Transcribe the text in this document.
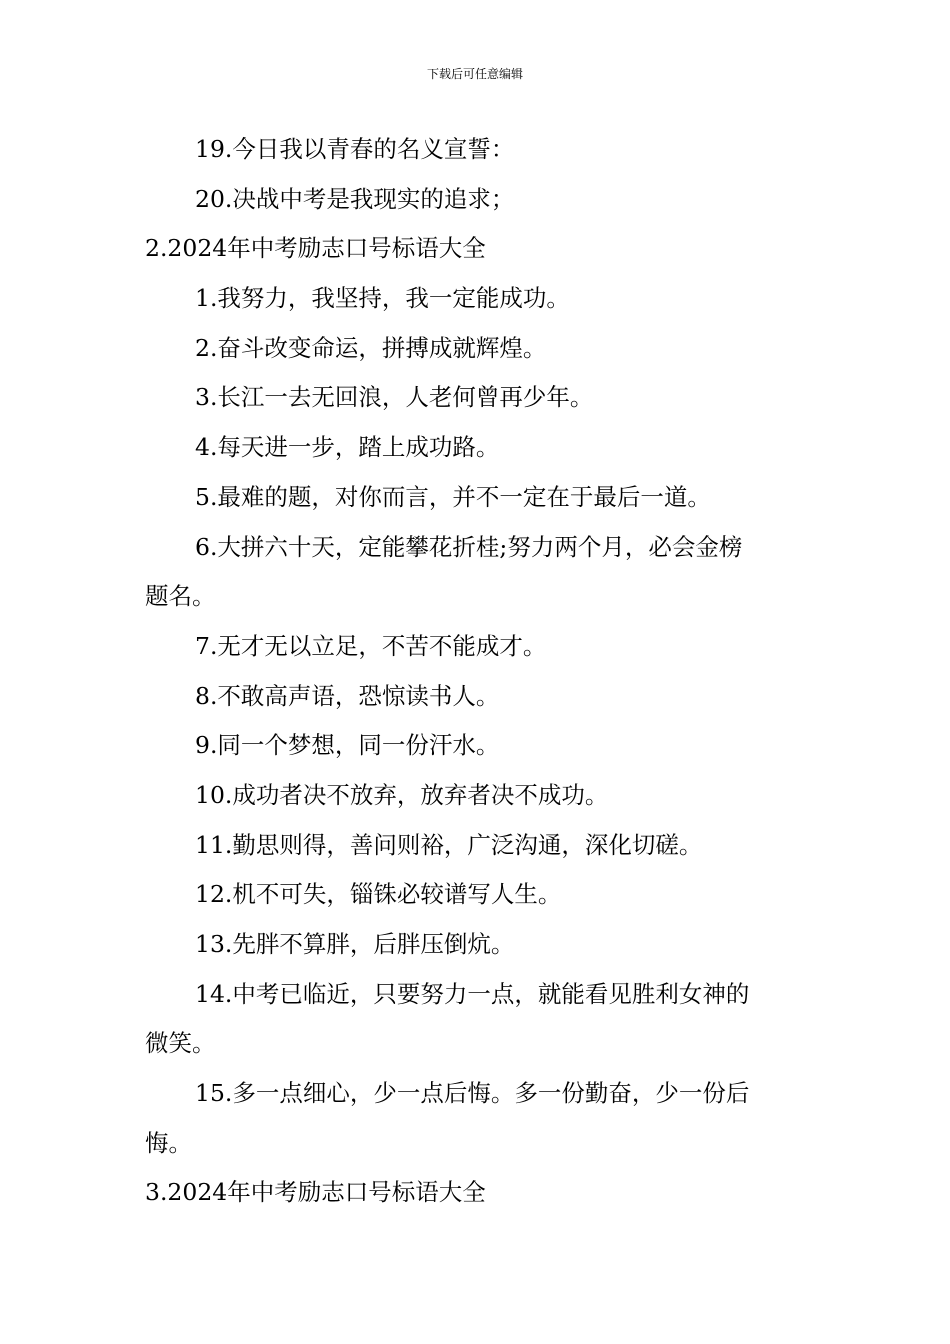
下载后可任意编辑
19.今日我以青春的名义宣誓：
20.决战中考是我现实的追求；
2.2024年中考励志口号标语大全
1.我努力，我坚持，我一定能成功。
2.奋斗改变命运，拼搏成就辉煌。
3.长江一去无回浪，人老何曾再少年。
4.每天进一步，踏上成功路。
5.最难的题，对你而言，并不一定在于最后一道。
6.大拼六十天，定能攀花折桂;努力两个月，必会金榜
题名。
7.无才无以立足，不苦不能成才。
8.不敢高声语，恐惊读书人。
9.同一个梦想，同一份汗水。
10.成功者决不放弃，放弃者决不成功。
11.勤思则得，善问则裕，广泛沟通，深化切磋。
12.机不可失，锱铢必较谱写人生。
13.先胖不算胖，后胖压倒炕。
14.中考已临近，只要努力一点，就能看见胜利女神的
微笑。
15.多一点细心，少一点后悔。多一份勤奋，少一份后
悔。
3.2024年中考励志口号标语大全
